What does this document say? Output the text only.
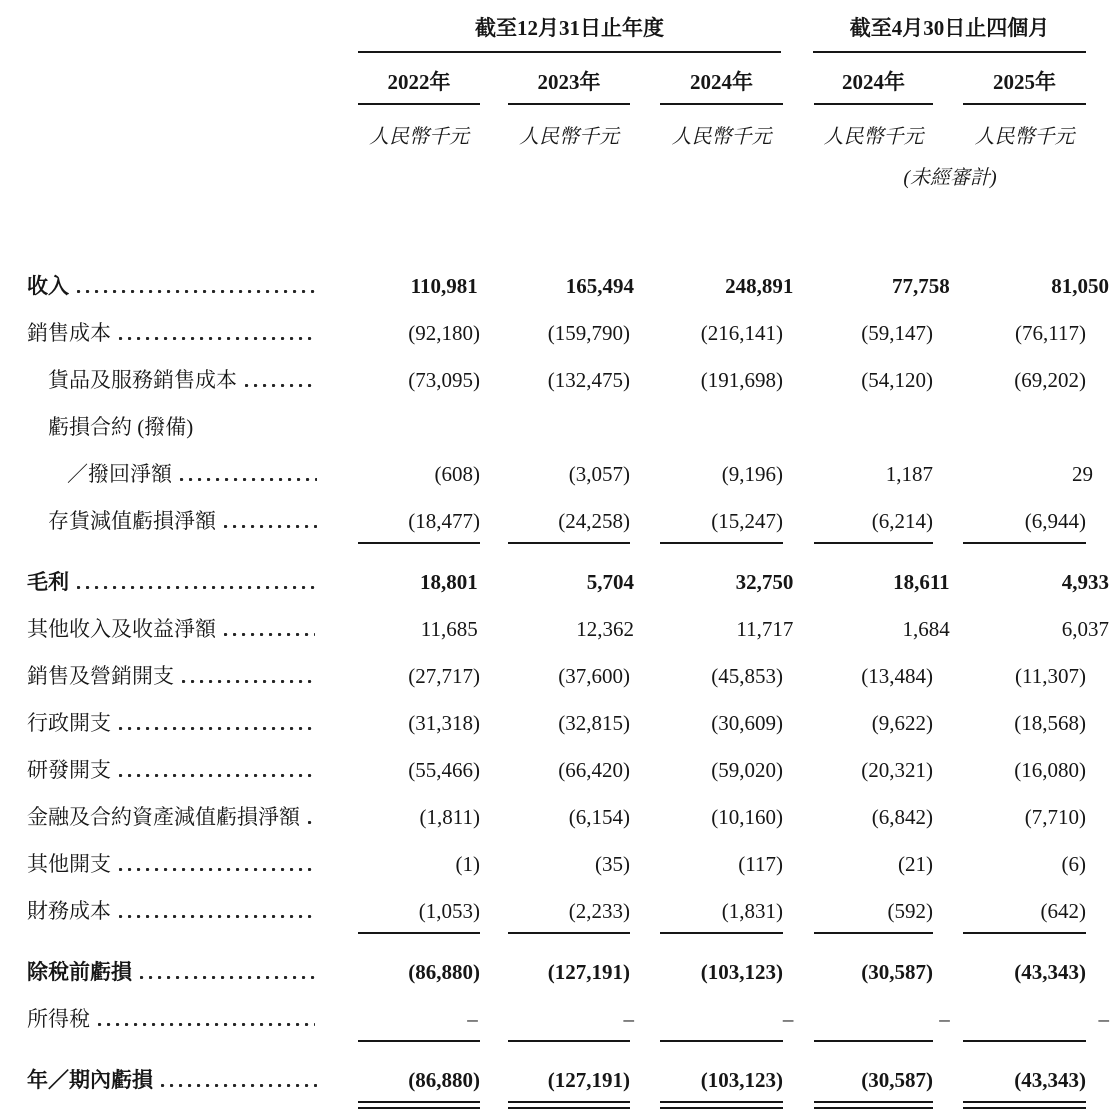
截至12月31日止年度	截至4月30日止四個月
2022年	2023年	2024年	2024年	2025年
人民幣千元	人民幣千元	人民幣千元	人民幣千元	人民幣千元
(未經審計)
收入	110,981	165,494	248,891	77,758	81,050
銷售成本	(92,180)	(159,790)	(216,141)	(59,147)	(76,117)
貨品及服務銷售成本	(73,095)	(132,475)	(191,698)	(54,120)	(69,202)
虧損合約 (撥備)
／撥回淨額	(608)	(3,057)	(9,196)	1,187	29
存貨減值虧損淨額	(18,477)	(24,258)	(15,247)	(6,214)	(6,944)
毛利	18,801	5,704	32,750	18,611	4,933
其他收入及收益淨額	11,685	12,362	11,717	1,684	6,037
銷售及營銷開支	(27,717)	(37,600)	(45,853)	(13,484)	(11,307)
行政開支	(31,318)	(32,815)	(30,609)	(9,622)	(18,568)
研發開支	(55,466)	(66,420)	(59,020)	(20,321)	(16,080)
金融及合約資產減值虧損淨額	(1,811)	(6,154)	(10,160)	(6,842)	(7,710)
其他開支	(1)	(35)	(117)	(21)	(6)
財務成本	(1,053)	(2,233)	(1,831)	(592)	(642)
除稅前虧損	(86,880)	(127,191)	(103,123)	(30,587)	(43,343)
所得稅	–	–	–	–	–
年／期內虧損	(86,880)	(127,191)	(103,123)	(30,587)	(43,343)
